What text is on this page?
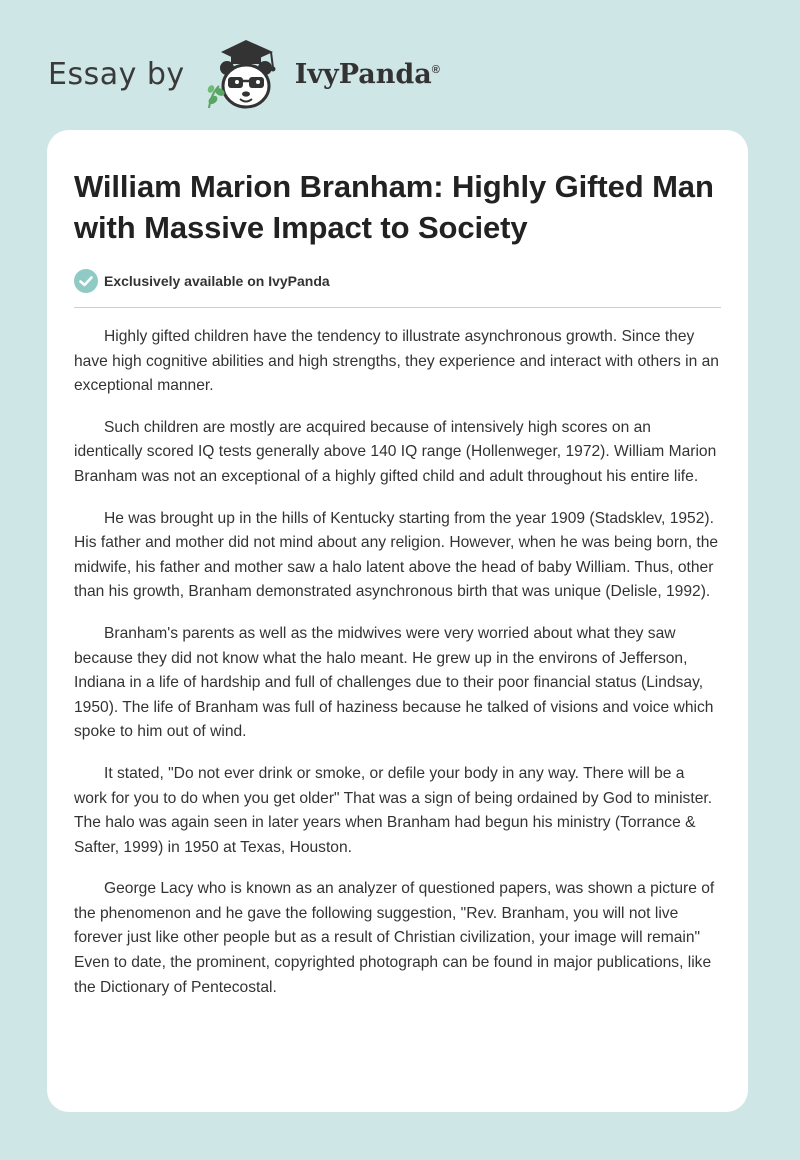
Essay by	IvyPanda®
William Marion Branham: Highly Gifted Man with Massive Impact to Society
Exclusively available on IvyPanda

Highly gifted children have the tendency to illustrate asynchronous growth. Since they have high cognitive abilities and high strengths, they experience and interact with others in an exceptional manner.

Such children are mostly are acquired because of intensively high scores on an identically scored IQ tests generally above 140 IQ range (Hollenweger, 1972). William Marion Branham was not an exceptional of a highly gifted child and adult throughout his entire life.

He was brought up in the hills of Kentucky starting from the year 1909 (Stadsklev, 1952). His father and mother did not mind about any religion. However, when he was being born, the midwife, his father and mother saw a halo latent above the head of baby William. Thus, other than his growth, Branham demonstrated asynchronous birth that was unique (Delisle, 1992).

Branham's parents as well as the midwives were very worried about what they saw because they did not know what the halo meant. He grew up in the environs of Jefferson, Indiana in a life of hardship and full of challenges due to their poor financial status (Lindsay, 1950). The life of Branham was full of haziness because he talked of visions and voice which spoke to him out of wind.

It stated, "Do not ever drink or smoke, or defile your body in any way. There will be a work for you to do when you get older" That was a sign of being ordained by God to minister. The halo was again seen in later years when Branham had begun his ministry (Torrance & Safter, 1999) in 1950 at Texas, Houston.

George Lacy who is known as an analyzer of questioned papers, was shown a picture of the phenomenon and he gave the following suggestion, "Rev. Branham, you will not live forever just like other people but as a result of Christian civilization, your image will remain" Even to date, the prominent, copyrighted photograph can be found in major publications, like the Dictionary of Pentecostal.
